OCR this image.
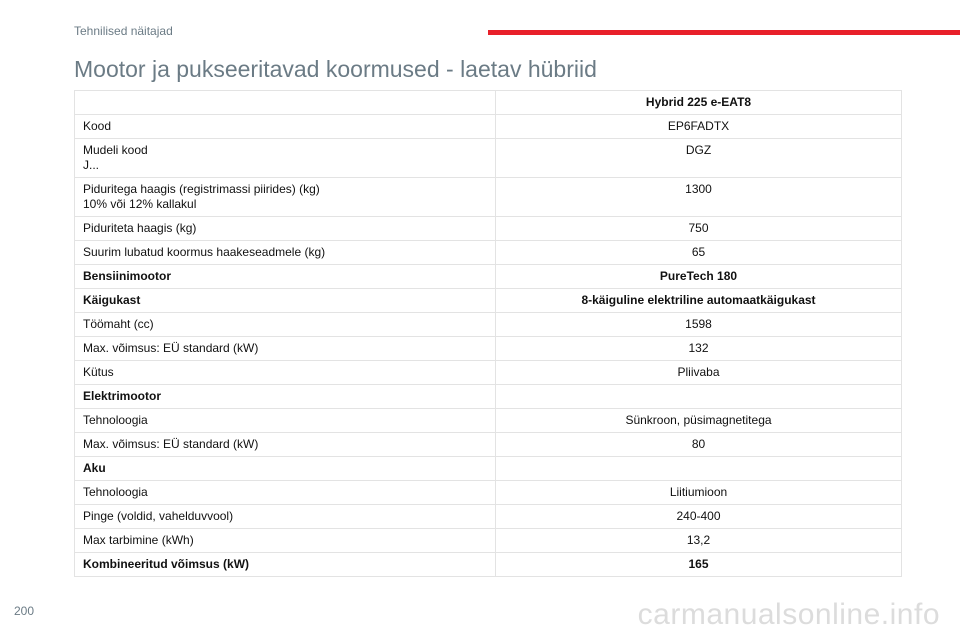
Tehnilised näitajad
Mootor ja pukseeritavad koormused - laetav hübriid
	Hybrid 225 e-EAT8
Kood	EP6FADTX
Mudeli kood
J...	DGZ
Piduritega haagis (registrimassi piirides) (kg)
10% või 12% kallakul	1300
Piduriteta haagis (kg)	750
Suurim lubatud koormus haakeseadmele (kg)	65
Bensiinimootor	PureTech 180
Käigukast	8-käiguline elektriline automaatkäigukast
Töömaht (cc)	1598
Max. võimsus: EÜ standard (kW)	132
Kütus	Pliivaba
Elektrimootor	
Tehnoloogia	Sünkroon, püsimagnetitega
Max. võimsus: EÜ standard (kW)	80
Aku	
Tehnoloogia	Liitiumioon
Pinge (voldid, vahelduvvool)	240-400
Max tarbimine (kWh)	13,2
Kombineeritud võimsus (kW)	165
200	carmanualsonline.info
